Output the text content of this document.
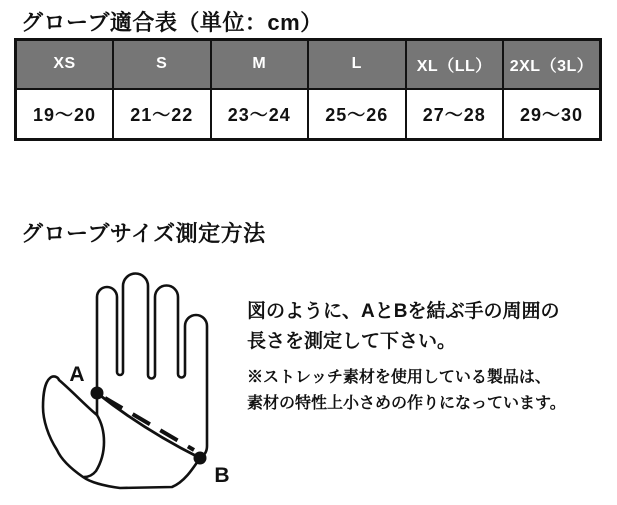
グローブ適合表（単位：cm）
XS	S	M	L	XL（LL）	2XL（3L）
19～20	21～22	23～24	25～26	27～28	29～30
グローブサイズ測定方法
A
B
図のように、AとBを結ぶ手の周囲の
長さを測定して下さい。
※ストレッチ素材を使用している製品は、
素材の特性上小さめの作りになっています。
